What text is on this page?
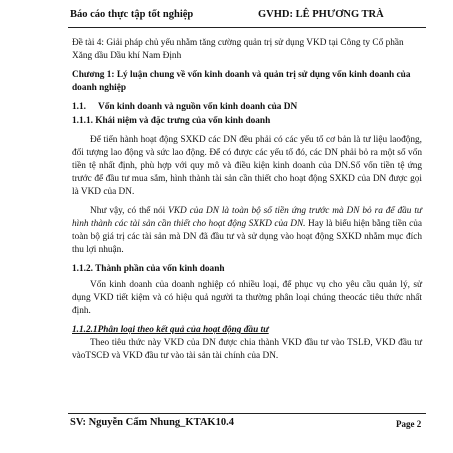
Báo cáo thực tập tốt nghiệp	GVHD: LÊ PHƯƠNG TRÀ

Đề tài 4: Giải pháp chủ yếu nhằm tăng cường quản trị sử dụng VKD tại Công ty Cổ phần Xăng dầu Dầu khí Nam Định

Chương 1: Lý luận chung về vốn kinh doanh và quản trị sử dụng vốn kinh doanh của doanh nghiệp

1.1. Vốn kinh doanh và nguồn vốn kinh doanh của DN

1.1.1. Khái niệm và đặc trưng của vốn kinh doanh

Để tiến hành hoạt động SXKD các DN đều phải có các yếu tố cơ bản là tư liệu laođộng, đối tượng lao động và sức lao động. Để có được các yếu tố đó, các DN phải bỏ ra một số vốn tiền tệ nhất định, phù hợp với quy mô và điều kiện kinh doanh của DN.Số vốn tiền tệ ứng trước để đầu tư mua sắm, hình thành tài sản cần thiết cho hoạt động SXKD của DN được gọi là VKD của DN.

Như vậy, có thể nói VKD của DN là toàn bộ số tiền ứng trước mà DN bỏ ra để đầu tư hình thành các tài sản cần thiết cho hoạt động SXKD của DN. Hay là biểu hiện bằng tiền của toàn bộ giá trị các tài sản mà DN đã đầu tư và sử dụng vào hoạt động SXKD nhằm mục đích thu lợi nhuận.

1.1.2. Thành phần của vốn kinh doanh

Vốn kinh doanh của doanh nghiệp có nhiều loại, để phục vụ cho yêu cầu quản lý, sử dụng VKD tiết kiệm và có hiệu quả người ta thường phân loại chúng theocác tiêu thức nhất định.

1.1.2.1Phân loại theo kết quả của hoạt động đầu tư

Theo tiêu thức này VKD của DN được chia thành VKD đầu tư vào TSLĐ, VKD đầu tư vàoTSCĐ và VKD đầu tư vào tài sản tài chính của DN.

SV: Nguyễn Cẩm Nhung_KTAK10.4	Page 2
